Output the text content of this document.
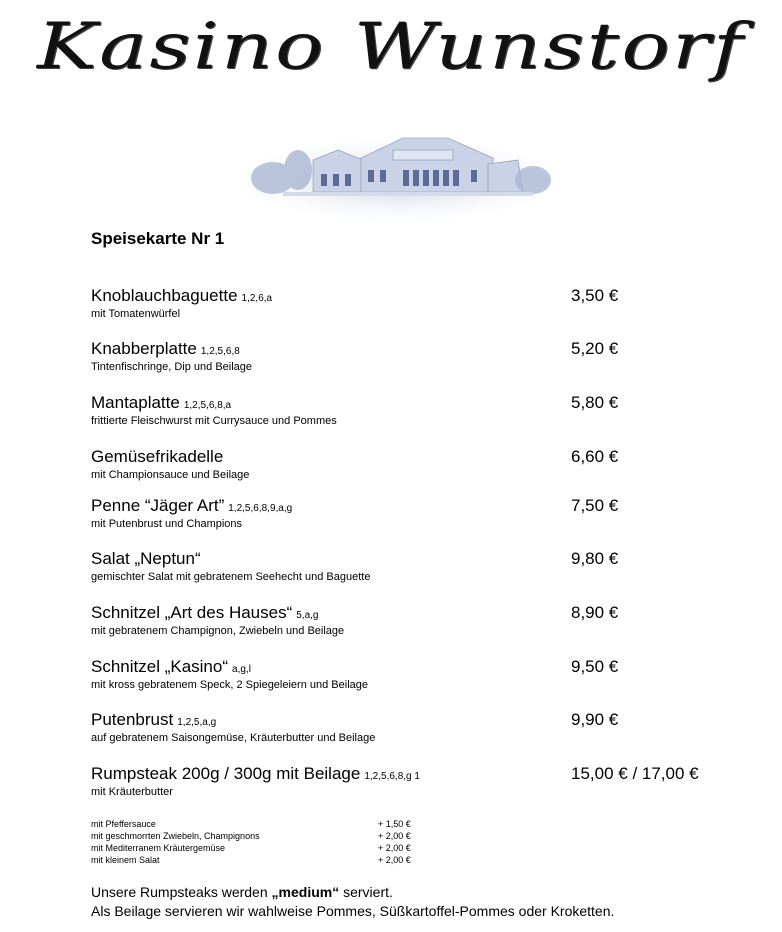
Kasino Wunstorf
Speisekarte Nr 1
Knoblauchbaguette 1,2,6,a
mit Tomatenwürfel
3,50 €
Knabberplatte 1,2,5,6,8
Tintenfischringe, Dip und Beilage
5,20 €
Mantaplatte 1,2,5,6,8,a
frittierte Fleischwurst mit Currysauce und Pommes
5,80 €
Gemüsefrikadelle
mit Championsauce und Beilage
6,60 €
Penne “Jäger Art” 1,2,5,6,8,9,a,g
mit Putenbrust und Champions
7,50 €
Salat „Neptun“
gemischter Salat mit gebratenem Seehecht und Baguette
9,80 €
Schnitzel „Art des Hauses“ 5,a,g
mit gebratenem Champignon, Zwiebeln und Beilage
8,90 €
Schnitzel „Kasino“ a,g,l
mit kross gebratenem Speck, 2 Spiegeleiern und Beilage
9,50 €
Putenbrust 1,2,5,a,g
auf gebratenem Saisongemüse, Kräuterbutter und Beilage
9,90 €
Rumpsteak 200g / 300g mit Beilage 1,2,5,6,8,g 1
mit Kräuterbutter
15,00 € / 17,00 €
mit Pfeffersauce	+ 1,50 €
mit geschmorrten Zwiebeln, Champignons	+ 2,00 €
mit Mediterranem Kräutergemüse	+ 2,00 €
mit kleinem Salat	+ 2,00 €
Unsere Rumpsteaks werden „medium“ serviert.
Als Beilage servieren wir wahlweise Pommes, Süßkartoffel-Pommes oder Kroketten.
